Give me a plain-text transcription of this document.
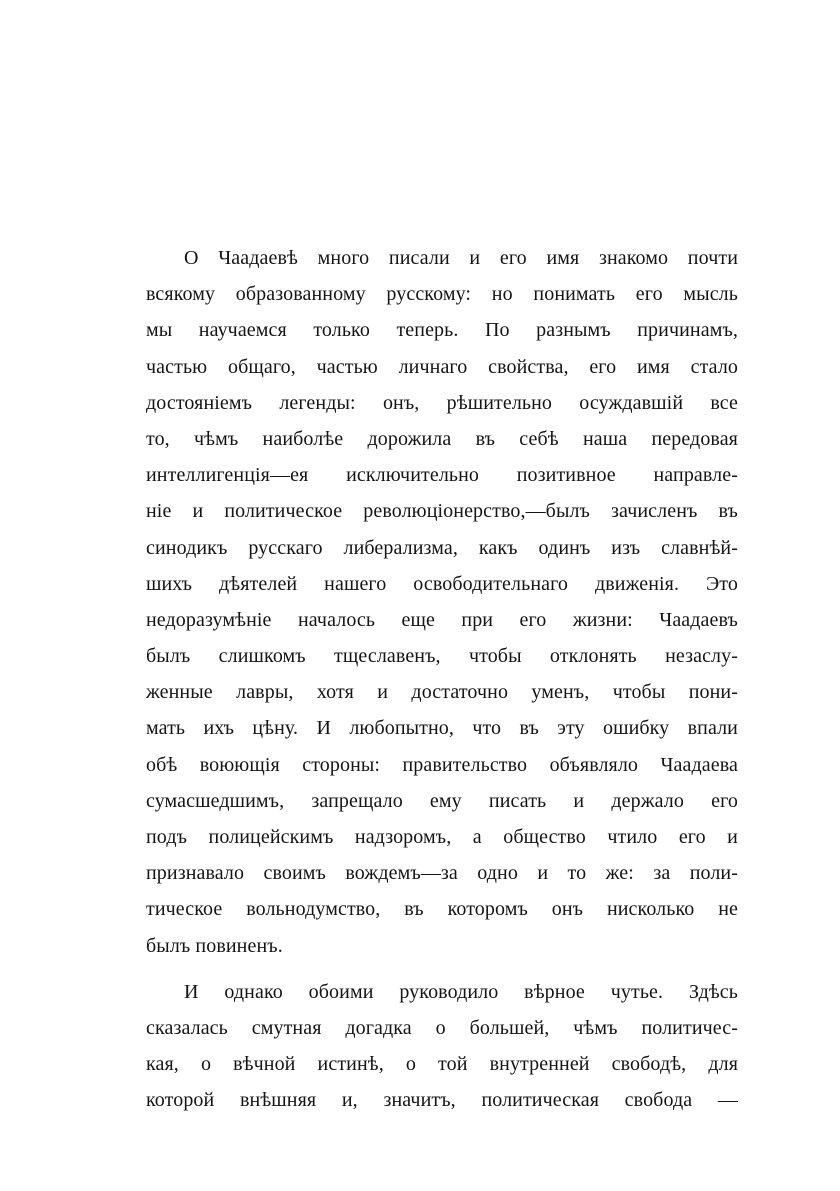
О Чаадаевѣ много писали и его имя знакомо почти
всякому образованному русскому: но понимать его мысль
мы научаемся только теперь. По разнымъ причинамъ,
частью общаго, частью личнаго свойства, его имя стало
достояніемъ легенды: онъ, рѣшительно осуждавшій все
то, чѣмъ наиболѣе дорожила въ себѣ наша передовая
интеллигенція—ея исключительно позитивное направле-
ніе и политическое революціонерство,—былъ зачисленъ въ
синодикъ русскаго либерализма, какъ одинъ изъ славнѣй-
шихъ дѣятелей нашего освободительнаго движенія. Это
недоразумѣніе началось еще при его жизни: Чаадаевъ
былъ слишкомъ тщеславенъ, чтобы отклонять незаслу-
женные лавры, хотя и достаточно уменъ, чтобы пони-
мать ихъ цѣну. И любопытно, что въ эту ошибку впали
обѣ воюющія стороны: правительство объявляло Чаадаева
сумасшедшимъ, запрещало ему писать и держало его
подъ полицейскимъ надзоромъ, а общество чтило его и
признавало своимъ вождемъ—за одно и то же: за поли-
тическое вольнодумство, въ которомъ онъ нисколько не
былъ повиненъ.

И однако обоими руководило вѣрное чутье. Здѣсь
сказалась смутная догадка о большей, чѣмъ политичес-
кая, о вѣчной истинѣ, о той внутренней свободѣ, для
которой внѣшняя и, значитъ, политическая свобода —
